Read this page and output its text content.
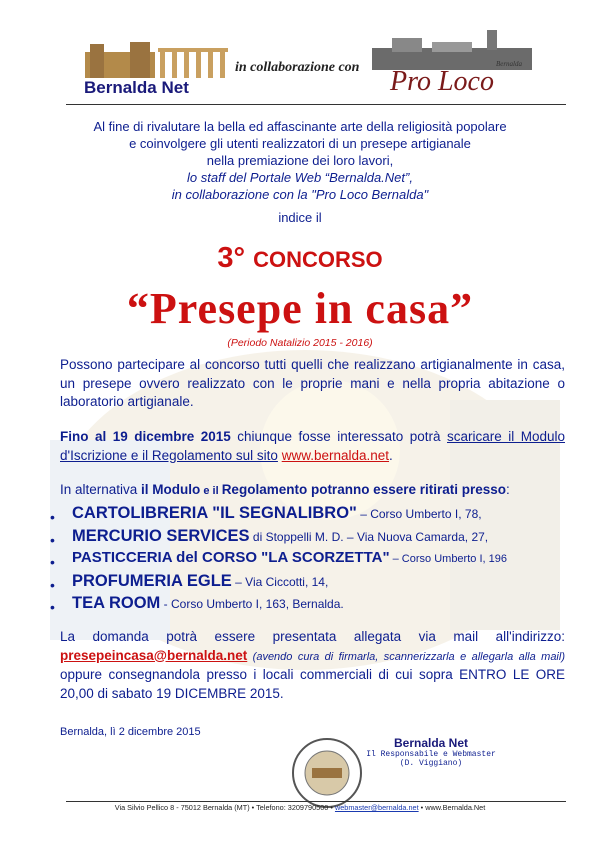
Bernalda Net
in collaborazione con	Bernalda
Pro Loco
Al fine di rivalutare la bella ed affascinante arte della religiosità popolare
e coinvolgere gli utenti realizzatori di un presepe artigianale
nella premiazione dei loro lavori,
lo staff del Portale Web “Bernalda.Net”,
in collaborazione con la "Pro Loco Bernalda"
indice il
3° CONCORSO
“Presepe in casa”
(Periodo Natalizio 2015 - 2016)
Possono partecipare al concorso tutti quelli che realizzano artigianalmente in casa, un presepe ovvero realizzato con le proprie mani e nella propria abitazione o laboratorio artigianale.
Fino al 19 dicembre 2015 chiunque fosse interessato potrà scaricare il Modulo d'Iscrizione e il Regolamento sul sito www.bernalda.net.
In alternativa il Modulo e il Regolamento potranno essere ritirati presso:
• CARTOLIBRERIA "IL SEGNALIBRO" – Corso Umberto I, 78,
• MERCURIO SERVICES di Stoppelli M. D. – Via Nuova Camarda, 27,
• PASTICCERIA del CORSO "LA SCORZETTA" – Corso Umberto I, 196
• PROFUMERIA EGLE – Via Ciccotti, 14,
• TEA ROOM - Corso Umberto I, 163, Bernalda.
La domanda potrà essere presentata allegata via mail all'indirizzo: presepeincasa@bernalda.net (avendo cura di firmarla, scannerizzarla e allegarla alla mail) oppure consegnandola presso i locali commerciali di cui sopra ENTRO LE ORE 20,00 di sabato 19 DICEMBRE 2015.
Bernalda, lì 2 dicembre 2015
Bernalda Net
Il Responsabile e Webmaster
(D. Viggiano)
Via Silvio Pellico 8 - 75012 Bernalda (MT) • Telefono: 3209790500 • webmaster@bernalda.net • www.Bernalda.Net
